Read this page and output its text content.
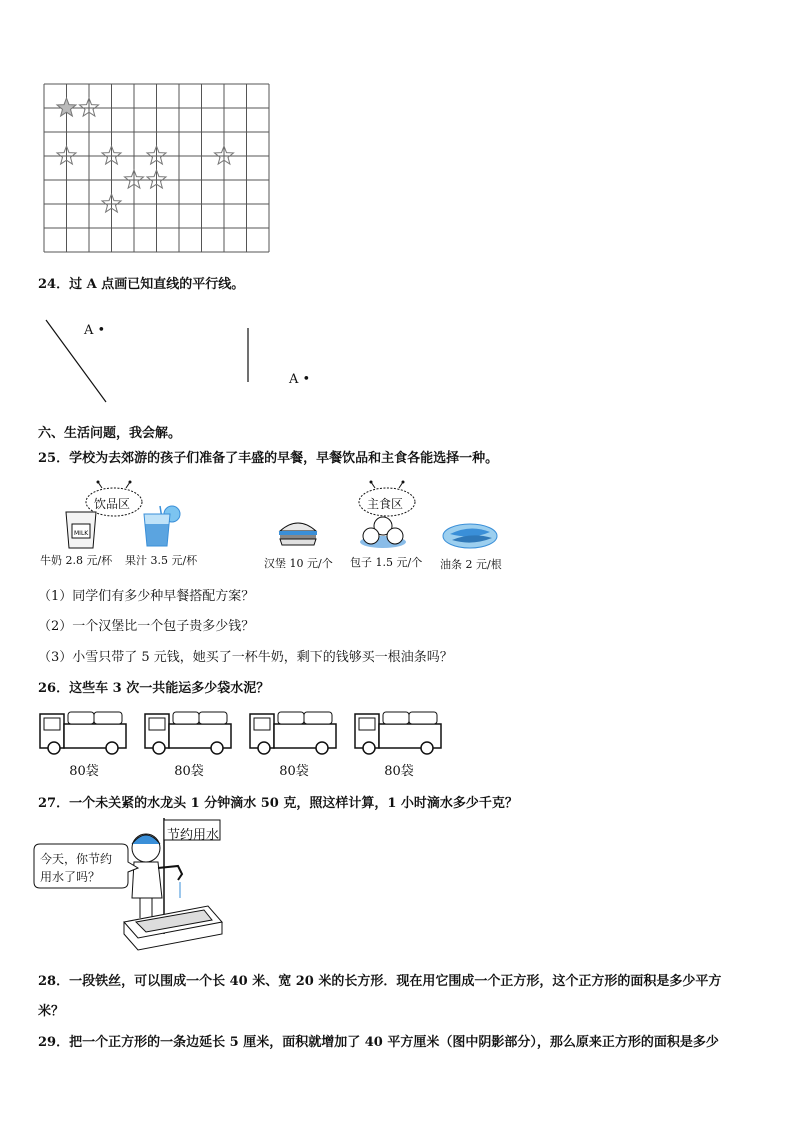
24．过 A 点画已知直线的平行线。
A •
A •
六、生活问题，我会解。
25．学校为去郊游的孩子们准备了丰盛的早餐，早餐饮品和主食各能选择一种。
饮品区	主食区
MILK
牛奶 2.8 元/杯 果汁 3.5 元/杯	汉堡 10 元/个 包子 1.5 元/个 油条 2 元/根
（1）同学们有多少种早餐搭配方案？
（2）一个汉堡比一个包子贵多少钱？
（3）小雪只带了 5 元钱，她买了一杯牛奶，剩下的钱够买一根油条吗？
26．这些车 3 次一共能运多少袋水泥？
80袋	80袋	80袋	80袋
27．一个未关紧的水龙头 1 分钟滴水 50 克，照这样计算，1 小时滴水多少千克？
节约用水
今天，你节约
用水了吗？
28．一段铁丝，可以围成一个长 40 米、宽 20 米的长方形．现在用它围成一个正方形，这个正方形的面积是多少平方
米？
29．把一个正方形的一条边延长 5 厘米，面积就增加了 40 平方厘米（图中阴影部分），那么原来正方形的面积是多少
